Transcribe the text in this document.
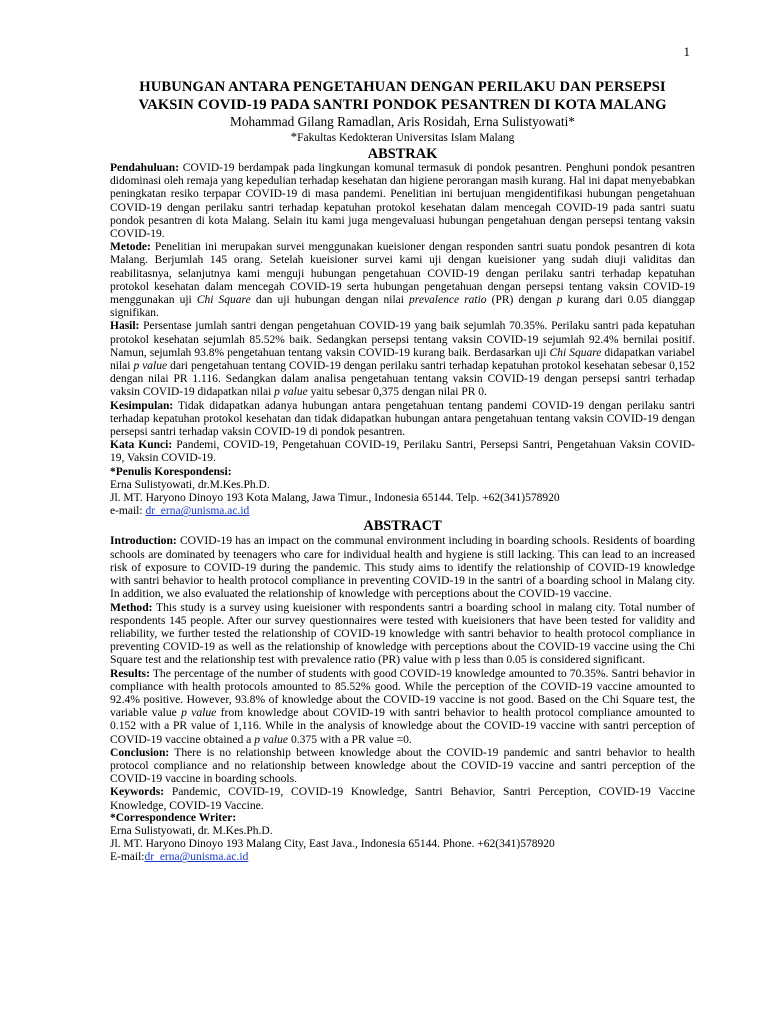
1
HUBUNGAN ANTARA PENGETAHUAN DENGAN PERILAKU DAN PERSEPSI
VAKSIN COVID-19 PADA SANTRI PONDOK PESANTREN DI KOTA MALANG
Mohammad Gilang Ramadlan, Aris Rosidah, Erna Sulistyowati*
*Fakultas Kedokteran Universitas Islam Malang
ABSTRAK

Pendahuluan: COVID-19 berdampak pada lingkungan komunal termasuk di pondok pesantren. Penghuni pondok pesantren didominasi oleh remaja yang kepedulian terhadap kesehatan dan higiene perorangan masih kurang. Hal ini dapat menyebabkan peningkatan resiko terpapar COVID-19 di masa pandemi. Penelitian ini bertujuan mengidentifikasi hubungan pengetahuan COVID-19 dengan perilaku santri terhadap kepatuhan protokol kesehatan dalam mencegah COVID-19 pada santri suatu pondok pesantren di kota Malang. Selain itu kami juga mengevaluasi hubungan pengetahuan dengan persepsi tentang vaksin COVID-19.

Metode: Penelitian ini merupakan survei menggunakan kueisioner dengan responden santri suatu pondok pesantren di kota Malang. Berjumlah 145 orang. Setelah kueisioner survei kami uji dengan kueisioner yang sudah diuji validitas dan reabilitasnya, selanjutnya kami menguji hubungan pengetahuan COVID-19 dengan perilaku santri terhadap kepatuhan protokol kesehatan dalam mencegah COVID-19 serta hubungan pengetahuan dengan persepsi tentang vaksin COVID-19 menggunakan uji Chi Square dan uji hubungan dengan nilai prevalence ratio (PR) dengan p kurang dari 0.05 dianggap signifikan.

Hasil: Persentase jumlah santri dengan pengetahuan COVID-19 yang baik sejumlah 70.35%. Perilaku santri pada kepatuhan protokol kesehatan sejumlah 85.52% baik. Sedangkan persepsi tentang vaksin COVID-19 sejumlah 92.4% bernilai positif. Namun, sejumlah 93.8% pengetahuan tentang vaksin COVID-19 kurang baik. Berdasarkan uji Chi Square didapatkan variabel nilai p value dari pengetahuan tentang COVID-19 dengan perilaku santri terhadap kepatuhan protokol kesehatan sebesar 0,152 dengan nilai PR 1.116. Sedangkan dalam analisa pengetahuan tentang vaksin COVID-19 dengan persepsi santri terhadap vaksin COVID-19 didapatkan nilai p value yaitu sebesar 0,375 dengan nilai PR 0.

Kesimpulan: Tidak didapatkan adanya hubungan antara pengetahuan tentang pandemi COVID-19 dengan perilaku santri terhadap kepatuhan protokol kesehatan dan tidak didapatkan hubungan antara pengetahuan tentang vaksin COVID-19 dengan persepsi santri terhadap vaksin COVID-19 di pondok pesantren.

Kata Kunci: Pandemi, COVID-19, Pengetahuan COVID-19, Perilaku Santri, Persepsi Santri, Pengetahuan Vaksin COVID-19, Vaksin COVID-19.

*Penulis Korespondensi:

Erna Sulistyowati, dr.M.Kes.Ph.D.

Jl. MT. Haryono Dinoyo 193 Kota Malang, Jawa Timur., Indonesia 65144. Telp. +62(341)578920

e-mail: dr_erna@unisma.ac.id

ABSTRACT

Introduction: COVID-19 has an impact on the communal environment including in boarding schools. Residents of boarding schools are dominated by teenagers who care for individual health and hygiene is still lacking. This can lead to an increased risk of exposure to COVID-19 during the pandemic. This study aims to identify the relationship of COVID-19 knowledge with santri behavior to health protocol compliance in preventing COVID-19 in the santri of a boarding school in Malang city. In addition, we also evaluated the relationship of knowledge with perceptions about the COVID-19 vaccine.

Method: This study is a survey using kueisioner with respondents santri a boarding school in malang city. Total number of respondents 145 people. After our survey questionnaires were tested with kueisioners that have been tested for validity and reliability, we further tested the relationship of COVID-19 knowledge with santri behavior to health protocol compliance in preventing COVID-19 as well as the relationship of knowledge with perceptions about the COVID-19 vaccine using the Chi Square test and the relationship test with prevalence ratio (PR) value with p less than 0.05 is considered significant.

Results: The percentage of the number of students with good COVID-19 knowledge amounted to 70.35%. Santri behavior in compliance with health protocols amounted to 85.52% good. While the perception of the COVID-19 vaccine amounted to 92.4% positive. However, 93.8% of knowledge about the COVID-19 vaccine is not good. Based on the Chi Square test, the variable value p value from knowledge about COVID-19 with santri behavior to health protocol compliance amounted to 0.152 with a PR value of 1,116. While in the analysis of knowledge about the COVID-19 vaccine with santri perception of COVID-19 vaccine obtained a p value 0.375 with a PR value =0.

Conclusion: There is no relationship between knowledge about the COVID-19 pandemic and santri behavior to health protocol compliance and no relationship between knowledge about the COVID-19 vaccine and santri perception of the COVID-19 vaccine in boarding schools.

Keywords: Pandemic, COVID-19, COVID-19 Knowledge, Santri Behavior, Santri Perception, COVID-19 Vaccine Knowledge, COVID-19 Vaccine.

*Correspondence Writer:

Erna Sulistyowati, dr. M.Kes.Ph.D.

Jl. MT. Haryono Dinoyo 193 Malang City, East Java., Indonesia 65144. Phone. +62(341)578920

E-mail:dr_erna@unisma.ac.id
